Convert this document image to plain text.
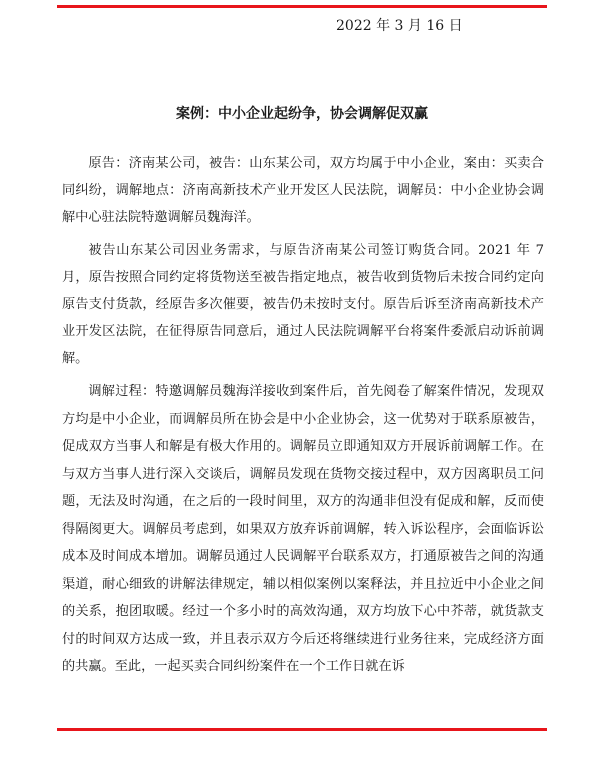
2022 年 3 月 16 日
案例：中小企业起纷争，协会调解促双赢

原告：济南某公司，被告：山东某公司，双方均属于中小企业，案由：买卖合同纠纷，调解地点：济南高新技术产业开发区人民法院，调解员：中小企业协会调解中心驻法院特邀调解员魏海洋。

被告山东某公司因业务需求，与原告济南某公司签订购货合同。2021 年 7 月，原告按照合同约定将货物送至被告指定地点，被告收到货物后未按合同约定向原告支付货款，经原告多次催要，被告仍未按时支付。原告后诉至济南高新技术产业开发区法院，在征得原告同意后，通过人民法院调解平台将案件委派启动诉前调解。

调解过程：特邀调解员魏海洋接收到案件后，首先阅卷了解案件情况，发现双方均是中小企业，而调解员所在协会是中小企业协会，这一优势对于联系原被告，促成双方当事人和解是有极大作用的。调解员立即通知双方开展诉前调解工作。在与双方当事人进行深入交谈后，调解员发现在货物交接过程中，双方因离职员工问题，无法及时沟通，在之后的一段时间里，双方的沟通非但没有促成和解，反而使得隔阂更大。调解员考虑到，如果双方放弃诉前调解，转入诉讼程序，会面临诉讼成本及时间成本增加。调解员通过人民调解平台联系双方，打通原被告之间的沟通渠道，耐心细致的讲解法律规定，辅以相似案例以案释法，并且拉近中小企业之间的关系，抱团取暖。经过一个多小时的高效沟通，双方均放下心中芥蒂，就货款支付的时间双方达成一致，并且表示双方今后还将继续进行业务往来，完成经济方面的共赢。至此，一起买卖合同纠纷案件在一个工作日就在诉
